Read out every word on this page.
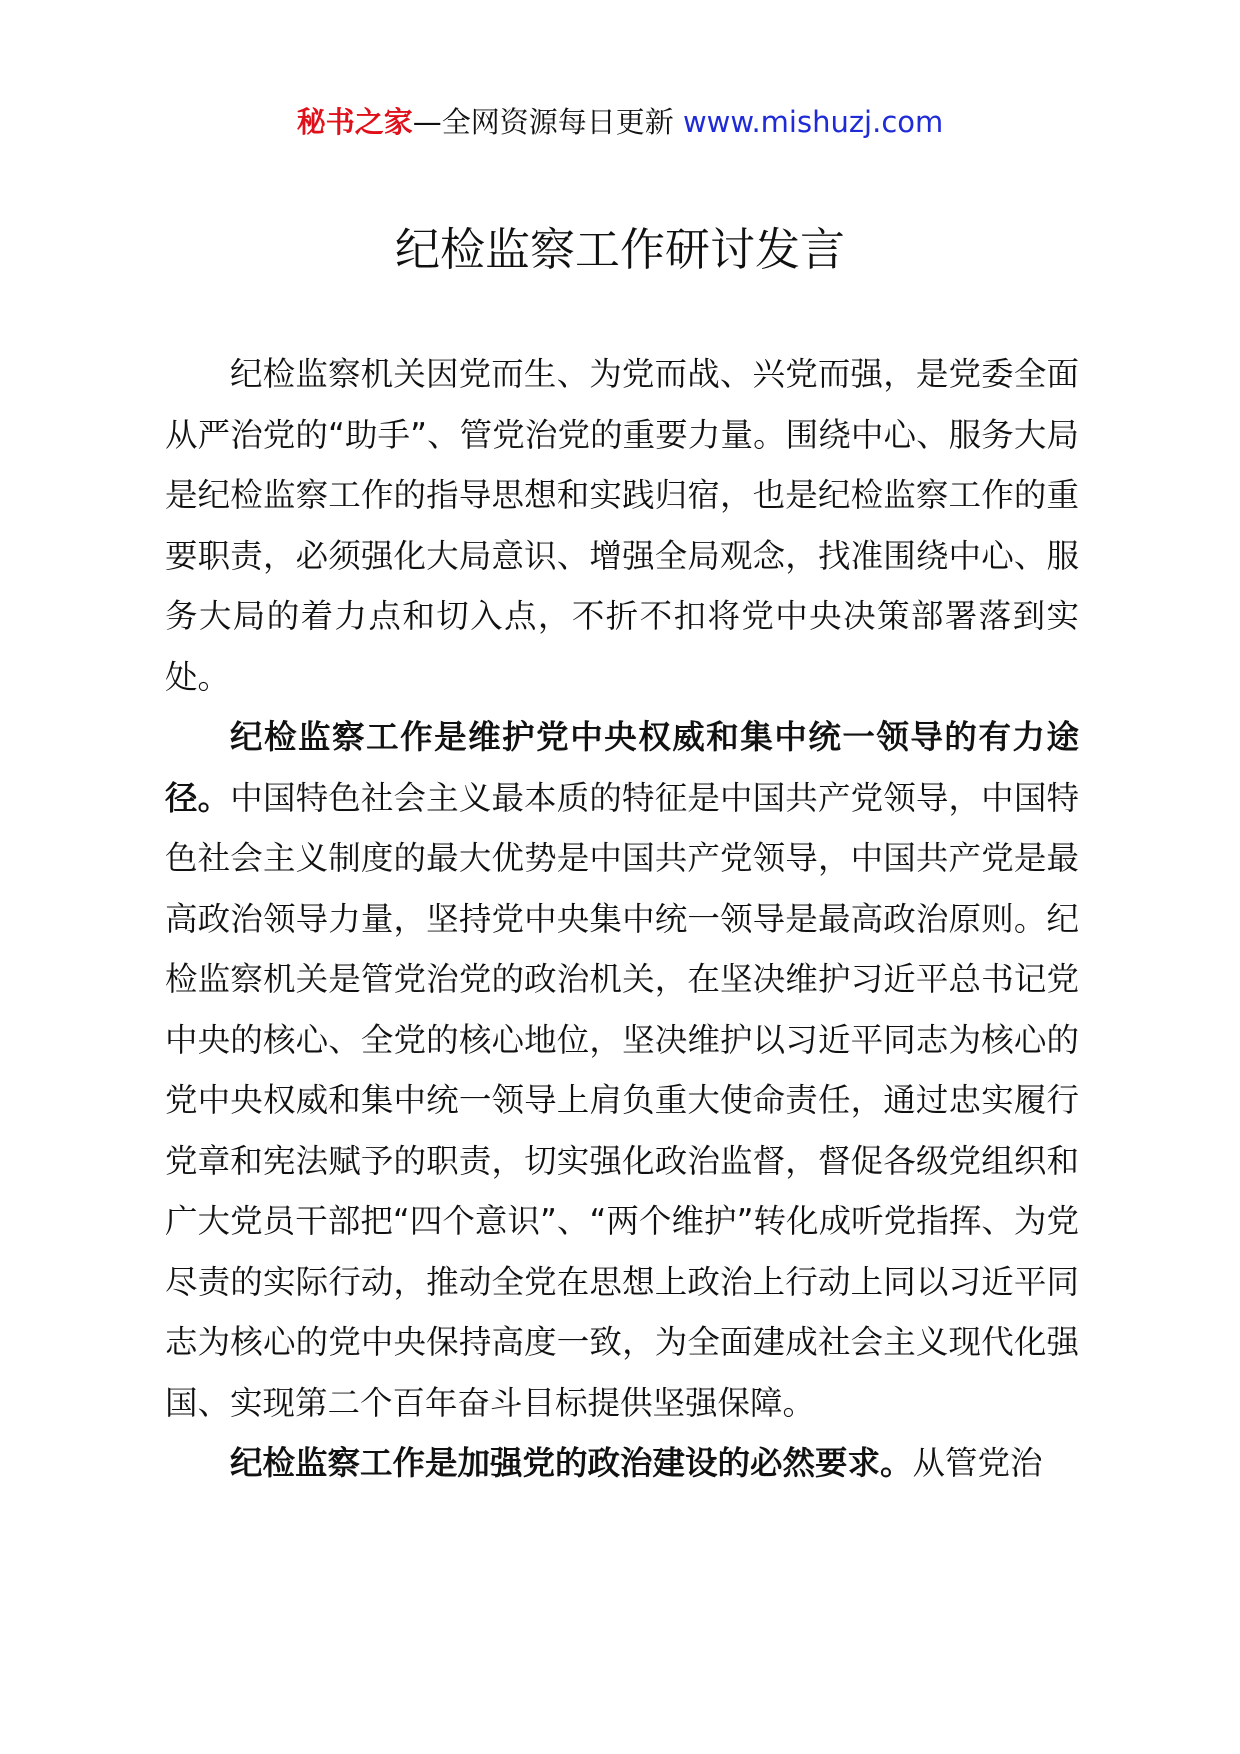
秘书之家—全网资源每日更新 www.mishuzj.com
纪检监察工作研讨发言

纪检监察机关因党而生、为党而战、兴党而强，是党委全面从严治党的“助手”、管党治党的重要力量。围绕中心、服务大局是纪检监察工作的指导思想和实践归宿，也是纪检监察工作的重要职责，必须强化大局意识、增强全局观念，找准围绕中心、服务大局的着力点和切入点，不折不扣将党中央决策部署落到实处。

纪检监察工作是维护党中央权威和集中统一领导的有力途径。中国特色社会主义最本质的特征是中国共产党领导，中国特色社会主义制度的最大优势是中国共产党领导，中国共产党是最高政治领导力量，坚持党中央集中统一领导是最高政治原则。纪检监察机关是管党治党的政治机关，在坚决维护习近平总书记党中央的核心、全党的核心地位，坚决维护以习近平同志为核心的党中央权威和集中统一领导上肩负重大使命责任，通过忠实履行党章和宪法赋予的职责，切实强化政治监督，督促各级党组织和广大党员干部把“四个意识”、“两个维护”转化成听党指挥、为党尽责的实际行动，推动全党在思想上政治上行动上同以习近平同志为核心的党中央保持高度一致，为全面建成社会主义现代化强国、实现第二个百年奋斗目标提供坚强保障。

纪检监察工作是加强党的政治建设的必然要求。从管党治
